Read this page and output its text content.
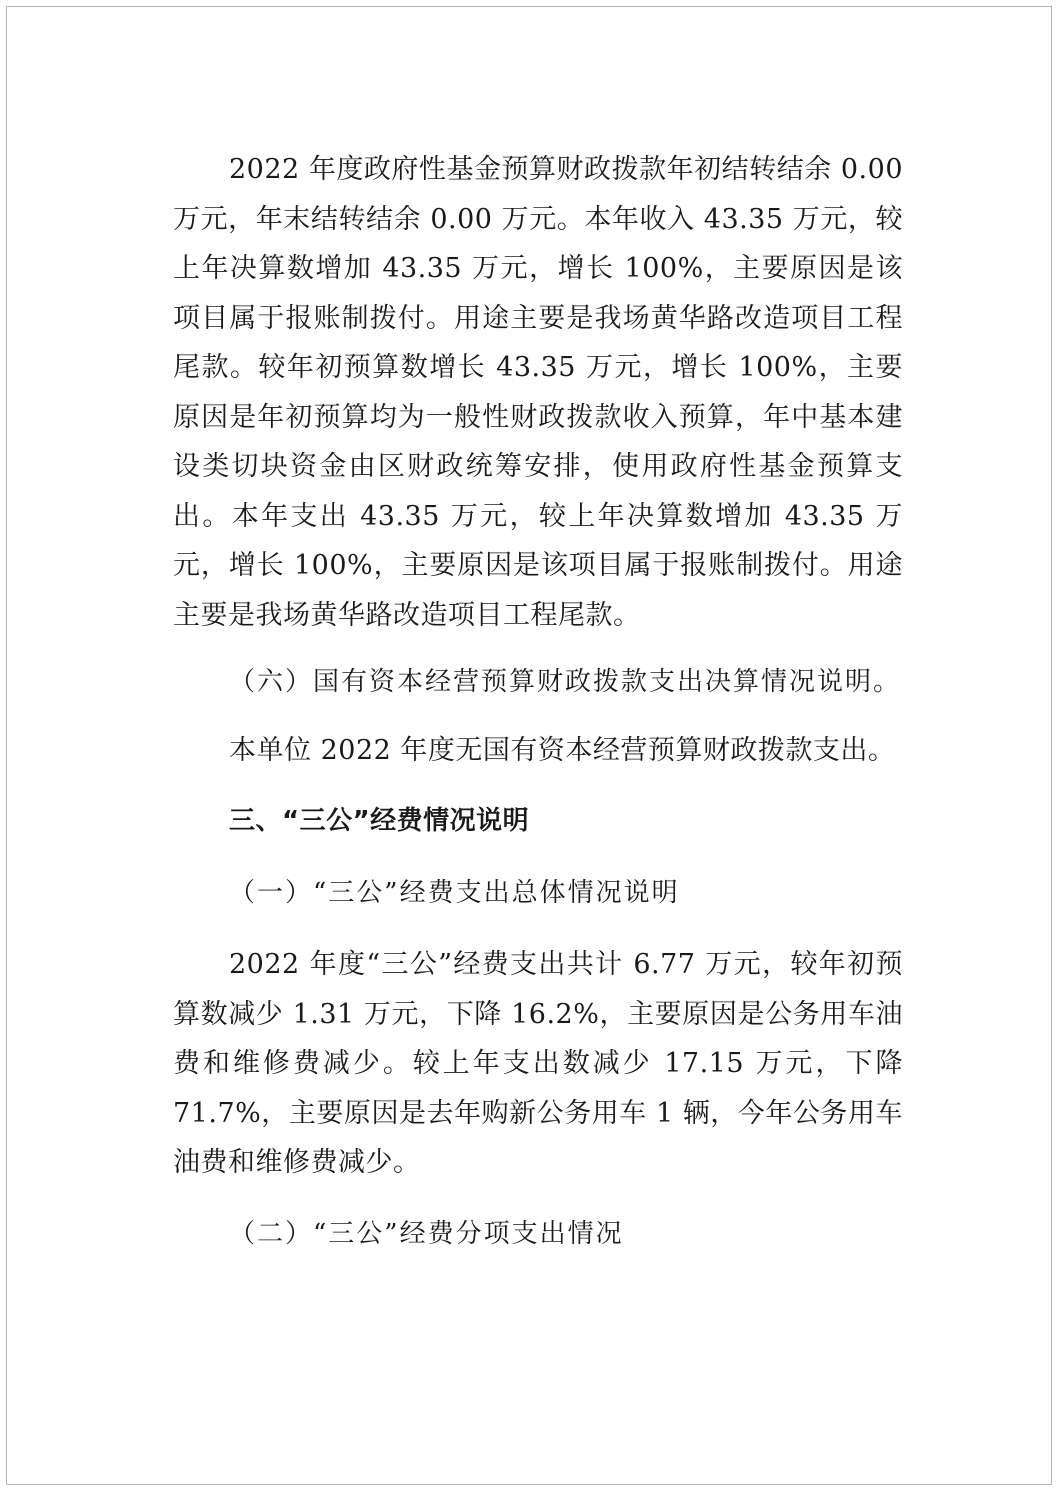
2022 年度政府性基金预算财政拨款年初结转结余 0.00 万元，年末结转结余 0.00 万元。本年收入 43.35 万元，较上年决算数增加 43.35 万元，增长 100%，主要原因是该项目属于报账制拨付。用途主要是我场黄华路改造项目工程尾款。较年初预算数增长 43.35 万元，增长 100%，主要原因是年初预算均为一般性财政拨款收入预算，年中基本建设类切块资金由区财政统筹安排，使用政府性基金预算支出。本年支出 43.35 万元，较上年决算数增加 43.35 万元，增长 100%，主要原因是该项目属于报账制拨付。用途主要是我场黄华路改造项目工程尾款。

（六）国有资本经营预算财政拨款支出决算情况说明。

本单位 2022 年度无国有资本经营预算财政拨款支出。

三、“三公”经费情况说明

（一）“三公”经费支出总体情况说明

2022 年度“三公”经费支出共计 6.77 万元，较年初预算数减少 1.31 万元，下降 16.2%，主要原因是公务用车油费和维修费减少。较上年支出数减少 17.15 万元，下降 71.7%，主要原因是去年购新公务用车 1 辆，今年公务用车油费和维修费减少。

（二）“三公”经费分项支出情况
